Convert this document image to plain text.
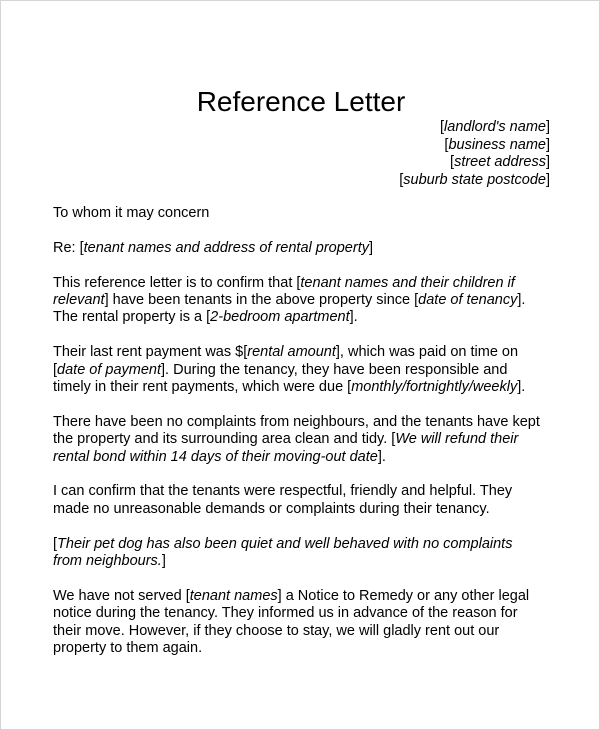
Reference Letter
[landlord's name]
[business name]
[street address]
[suburb state postcode]
To whom it may concern
Re: [tenant names and address of rental property]
This reference letter is to confirm that [tenant names and their children if
relevant] have been tenants in the above property since [date of tenancy].
The rental property is a [2-bedroom apartment].
Their last rent payment was $[rental amount], which was paid on time on
[date of payment]. During the tenancy, they have been responsible and
timely in their rent payments, which were due [monthly/fortnightly/weekly].
There have been no complaints from neighbours, and the tenants have kept
the property and its surrounding area clean and tidy. [We will refund their
rental bond within 14 days of their moving-out date].
I can confirm that the tenants were respectful, friendly and helpful. They
made no unreasonable demands or complaints during their tenancy.
[Their pet dog has also been quiet and well behaved with no complaints
from neighbours.]
We have not served [tenant names] a Notice to Remedy or any other legal
notice during the tenancy. They informed us in advance of the reason for
their move. However, if they choose to stay, we will gladly rent out our
property to them again.
